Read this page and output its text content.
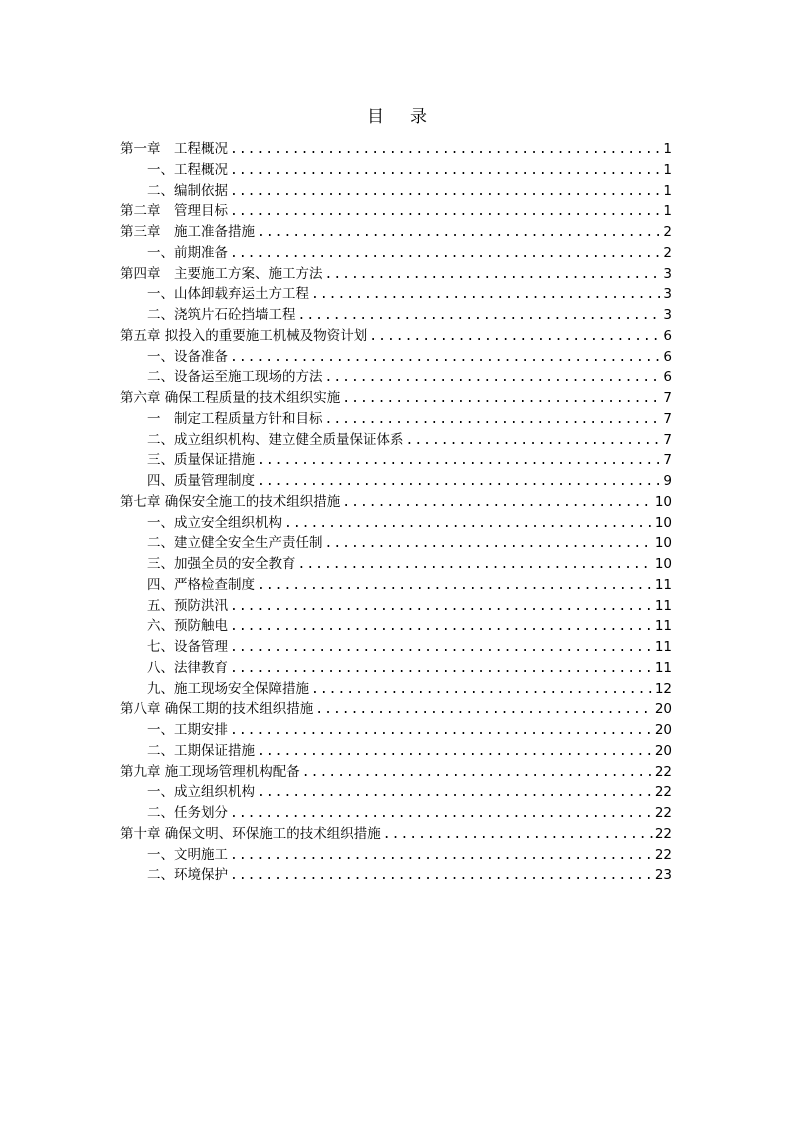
目 录
第一章　工程概况 .....	1
一、工程概况 .....	1
二、编制依据 .....	1
第二章　管理目标 .....	1
第三章　施工准备措施 .....	2
一、前期准备 .....	2
第四章　主要施工方案、施工方法 .....	3
一、山体卸载弃运土方工程 .....	3
二、浇筑片石砼挡墙工程 .....	3
第五章 拟投入的重要施工机械及物资计划 .....	6
一、设备准备 .....	6
二、设备运至施工现场的方法 .....	6
第六章 确保工程质量的技术组织实施 .....	7
一　制定工程质量方针和目标 .....	7
二、成立组织机构、建立健全质量保证体系 .....	7
三、质量保证措施 .....	7
四、质量管理制度 .....	9
第七章 确保安全施工的技术组织措施 .....	10
一、成立安全组织机构 .....	10
二、建立健全安全生产责任制 .....	10
三、加强全员的安全教育 .....	10
四、严格检查制度 .....	11
五、预防洪汛 .....	11
六、预防触电 .....	11
七、设备管理 .....	11
八、法律教育 .....	11
九、施工现场安全保障措施 .....	12
第八章 确保工期的技术组织措施 .....	20
一、工期安排 .....	20
二、工期保证措施 .....	20
第九章 施工现场管理机构配备 .....	22
一、成立组织机构 .....	22
二、任务划分 .....	22
第十章 确保文明、环保施工的技术组织措施 .....	22
一、文明施工 .....	22
二、环境保护 .....	23
